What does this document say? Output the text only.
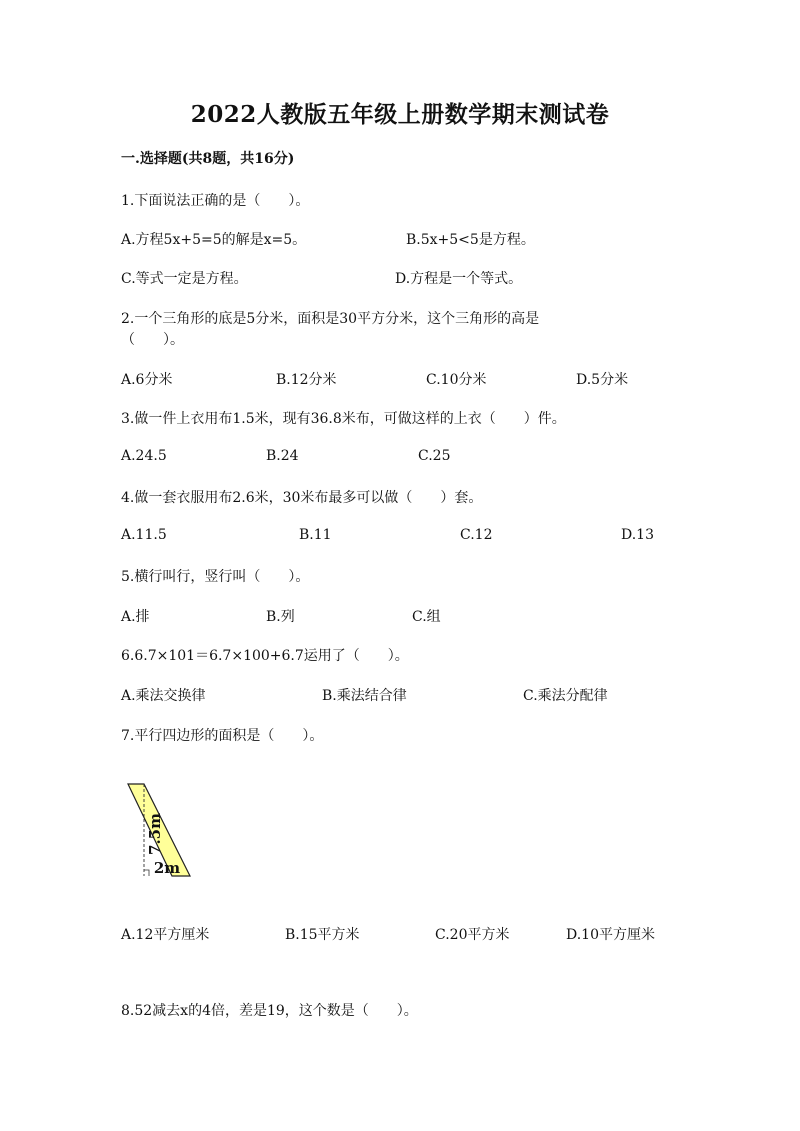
2022人教版五年级上册数学期末测试卷
一.选择题(共8题，共16分)
1.下面说法正确的是（　　）。
A.方程5x+5=5的解是x=5。	B.5x+5<5是方程。
C.等式一定是方程。	D.方程是一个等式。
2.一个三角形的底是5分米，面积是30平方分米，这个三角形的高是
（　　）。
A.6分米	B.12分米	C.10分米	D.5分米
3.做一件上衣用布1.5米，现有36.8米布，可做这样的上衣（　　）件。
A.24.5	B.24	C.25
4.做一套衣服用布2.6米，30米布最多可以做（　　）套。
A.11.5	B.11	C.12	D.13
5.横行叫行，竖行叫（　　）。
A.排	B.列	C.组
6.6.7×101＝6.7×100+6.7运用了（　　）。
A.乘法交换律	B.乘法结合律	C.乘法分配律
7.平行四边形的面积是（　　）。
7.5m
2m
A.12平方厘米	B.15平方米	C.20平方米	D.10平方厘米
8.52减去x的4倍，差是19，这个数是（　　）。
